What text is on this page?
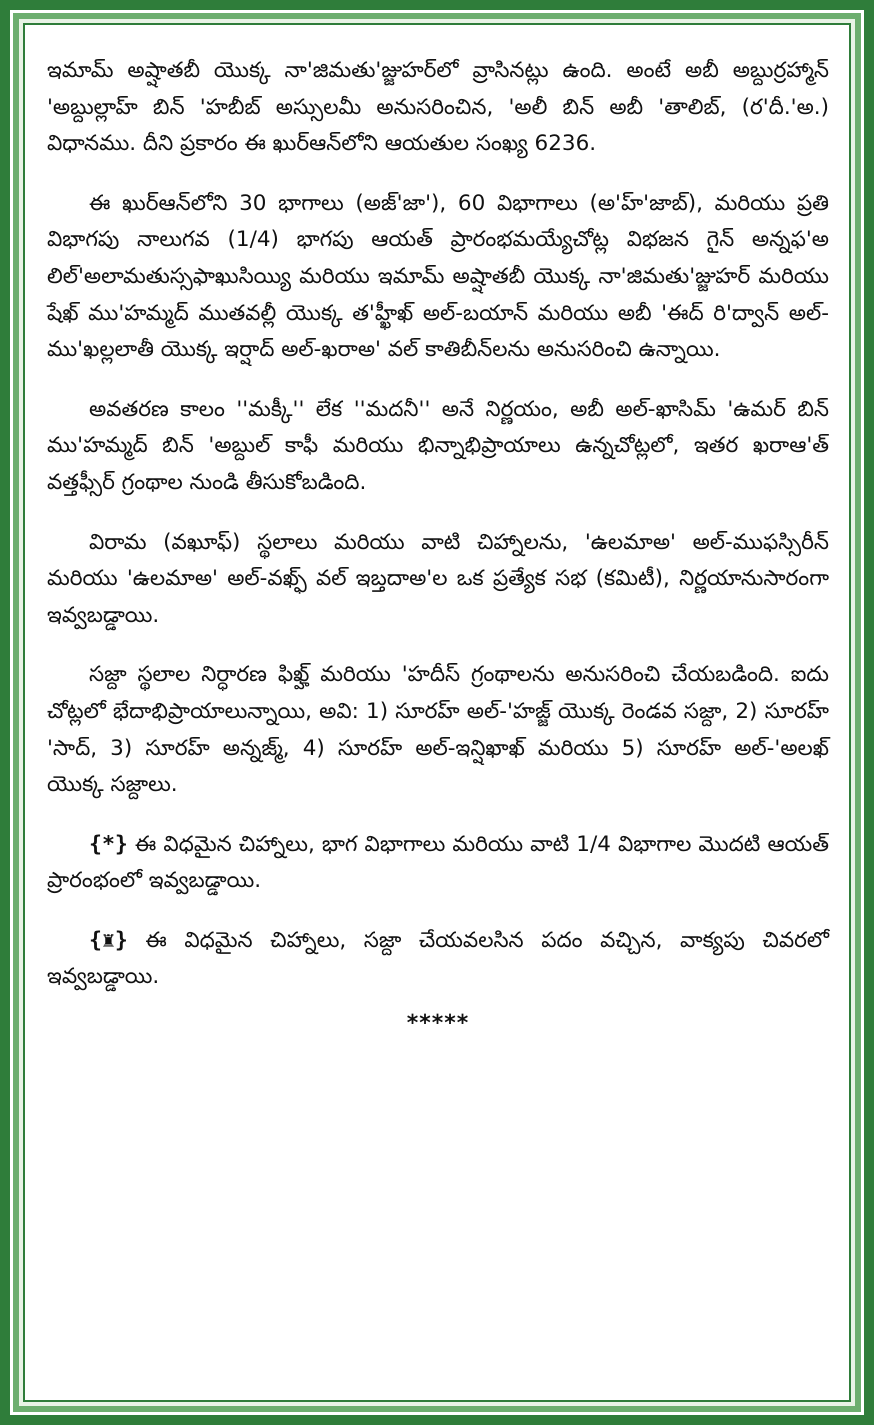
ఇమామ్ అష్షాతబీ యొక్క నా'జిమతు'జ్జుహర్‌లో వ్రాసినట్లు ఉంది. అంటే అబీ అబ్దుర్రహ్మాన్ 'అబ్దుల్లాహ్ బిన్ 'హబీబ్ అస్సులమీ అనుసరించిన, 'అలీ బిన్ అబీ 'తాలిబ్, (ర'దీ.'అ.) విధానము. దీని ప్రకారం ఈ ఖుర్‌ఆన్‌లోని ఆయతుల సంఖ్య 6236.

ఈ ఖుర్‌ఆన్‌లోని 30 భాగాలు (అజ్'జా'), 60 విభాగాలు (అ'హ్'జాబ్), మరియు ప్రతి విభాగపు నాలుగవ (1/4) భాగపు ఆయత్ ప్రారంభమయ్యేచోట్ల విభజన గైన్ అన్నఫ'అ లిల్'అలామతుస్సఫాఖుసియ్యి మరియు ఇమామ్ అష్షాతబీ యొక్క నా'జిమతు'జ్జుహర్ మరియు షేఖ్ ము'హమ్మద్ ముతవల్లీ యొక్క త'హ్ఖీఖ్ అల్-బయాన్ మరియు అబీ 'ఈద్ రి'ద్వాన్ అల్-ము'ఖల్లలాతీ యొక్క ఇర్షాద్ అల్-ఖరాఅ' వల్ కాతిబీన్‌లను అనుసరించి ఉన్నాయి.

అవతరణ కాలం ''మక్కీ'' లేక ''మదనీ'' అనే నిర్ణయం, అబీ అల్-ఖాసిమ్ 'ఉమర్ బిన్ ము'హమ్మద్ బిన్ 'అబ్దుల్ కాఫీ మరియు భిన్నాభిప్రాయాలు ఉన్నచోట్లలో, ఇతర ఖరాఆ'త్ వత్తఫ్సీర్ గ్రంథాల నుండి తీసుకోబడింది.

విరామ (వఖూఫ్) స్థలాలు మరియు వాటి చిహ్నాలను, 'ఉలమాఅ' అల్-ముఫస్సిరీన్ మరియు 'ఉలమాఅ' అల్-వఖ్ఫ్ వల్ ఇబ్తదాఅ'ల ఒక ప్రత్యేక సభ (కమిటీ), నిర్ణయానుసారంగా ఇవ్వబడ్డాయి.

సజ్దా స్థలాల నిర్ధారణ ఫిఖ్హ్ మరియు 'హదీస్ గ్రంథాలను అనుసరించి చేయబడింది. ఐదు చోట్లలో భేదాభిప్రాయాలున్నాయి, అవి: 1) సూరహ్ అల్-'హజ్జ్ యొక్క రెండవ సజ్దా, 2) సూరహ్ 'సాద్, 3) సూరహ్ అన్నజ్మ్, 4) సూరహ్ అల్-ఇన్షిఖాఖ్ మరియు 5) సూరహ్ అల్-'అలఖ్ యొక్క సజ్దాలు.

{*} ఈ విధమైన చిహ్నాలు, భాగ విభాగాలు మరియు వాటి 1/4 విభాగాల మొదటి ఆయత్ ప్రారంభంలో ఇవ్వబడ్డాయి.

{♜} ఈ విధమైన చిహ్నాలు, సజ్దా చేయవలసిన పదం వచ్చిన, వాక్యపు చివరలో ఇవ్వబడ్డాయి.

*****
